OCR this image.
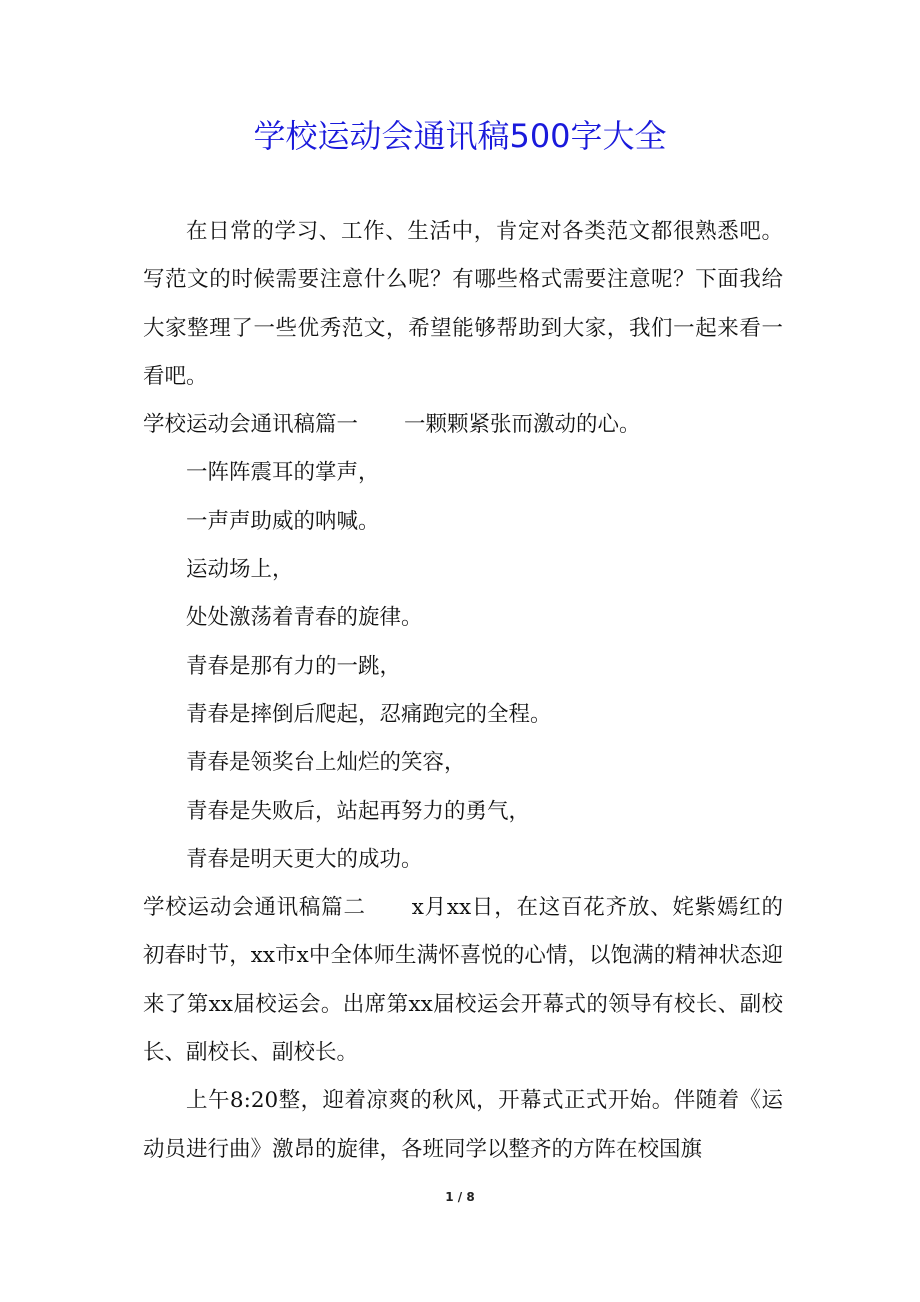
学校运动会通讯稿500字大全

在日常的学习、工作、生活中，肯定对各类范文都很熟悉吧。写范文的时候需要注意什么呢？有哪些格式需要注意呢？下面我给大家整理了一些优秀范文，希望能够帮助到大家，我们一起来看一看吧。

学校运动会通讯稿篇一 一颗颗紧张而激动的心。

一阵阵震耳的掌声，

一声声助威的呐喊。

运动场上，

处处激荡着青春的旋律。

青春是那有力的一跳，

青春是摔倒后爬起，忍痛跑完的全程。

青春是领奖台上灿烂的笑容，

青春是失败后，站起再努力的勇气，

青春是明天更大的成功。

学校运动会通讯稿篇二 x月xx日，在这百花齐放、姹紫嫣红的初春时节，xx市x中全体师生满怀喜悦的心情，以饱满的精神状态迎来了第xx届校运会。出席第xx届校运会开幕式的领导有校长、副校长、副校长、副校长。

上午8:20整，迎着凉爽的秋风，开幕式正式开始。伴随着《运动员进行曲》激昂的旋律，各班同学以整齐的方阵在校国旗

1 / 8
